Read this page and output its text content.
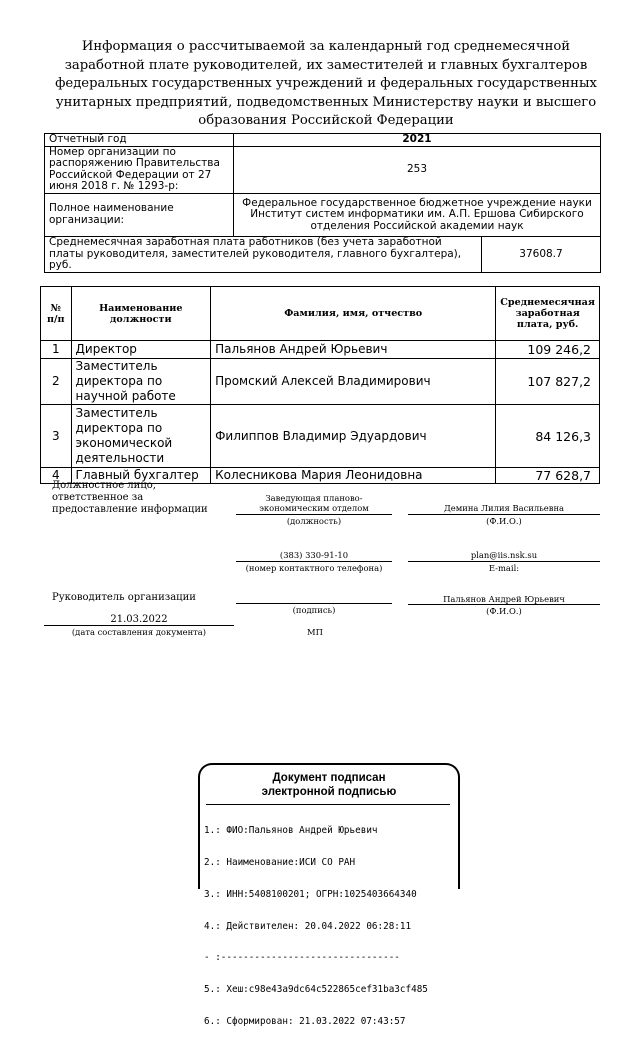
Информация о рассчитываемой за календарный год среднемесячной заработной плате руководителей, их заместителей и главных бухгалтеров федеральных государственных учреждений и федеральных государственных унитарных предприятий, подведомственных Министерству науки и высшего образования Российской Федерации
Отчетный год	2021	
Номер организации по распоряжению Правительства Российской Федерации от 27 июня 2018 г. № 1293-р:	253	
Полное наименование организации:	Федеральное государственное бюджетное учреждение науки Институт систем информатики им. А.П. Ершова Сибирского отделения Российской академии наук	
Среднемесячная заработная плата работников (без учета заработной платы руководителя, заместителей руководителя, главного бухгалтера), руб.		37608.7
№ п/п	Наименование должности	Фамилия, имя, отчество	Среднемесячная заработная плата, руб.
1	Директор	Пальянов Андрей Юрьевич	109 246,2
2	Заместитель директора по научной работе	Промский Алексей Владимирович	107 827,2
3	Заместитель директора по экономической деятельности	Филиппов Владимир Эдуардович	84 126,3
4	Главный бухгалтер	Колесникова Мария Леонидовна	77 628,7
Должностное лицо, ответственное за предоставление информации
Заведующая планово-экономическим отделом
(должность)
Демина Лилия Васильевна
(Ф.И.О.)
(383) 330-91-10
(номер контактного телефона)
plan@iis.nsk.su
E-mail:
Руководитель организации
(подпись)
Пальянов Андрей Юрьевич
(Ф.И.О.)
21.03.2022
(дата составления документа)	МП
Документ подписан
электронной подписью

1.: ФИО:Пальянов Андрей Юрьевич

2.: Наименование:ИСИ СО РАН

3.: ИНН:5408100201; ОГРН:1025403664340

4.: Действителен: 20.04.2022 06:28:11

- :--------------------------------

5.: Хеш:c98e43a9dc64c522865cef31ba3cf485

6.: Сформирован: 21.03.2022 07:43:57
